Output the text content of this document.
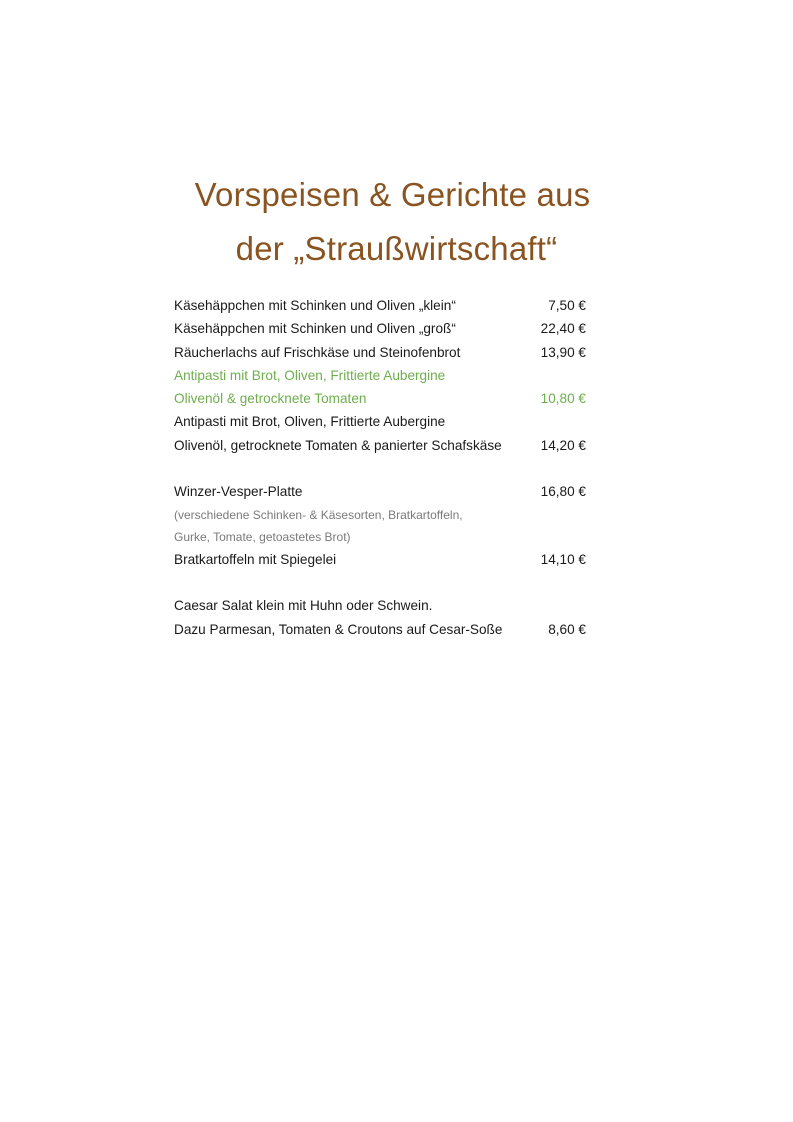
Vorspeisen & Gerichte aus
der „Straußwirtschaft“
Käsehäppchen mit Schinken und Oliven „klein“	7,50 €
Käsehäppchen mit Schinken und Oliven „groß“	22,40 €
Räucherlachs auf Frischkäse und Steinofenbrot	13,90 €
Antipasti mit Brot, Oliven, Frittierte Aubergine
Olivenöl & getrocknete Tomaten	10,80 €
Antipasti mit Brot, Oliven, Frittierte Aubergine
Olivenöl, getrocknete Tomaten & panierter Schafskäse	14,20 €
Winzer-Vesper-Platte	16,80 €
(verschiedene Schinken- & Käsesorten, Bratkartoffeln,
Gurke, Tomate, getoastetes Brot)
Bratkartoffeln mit Spiegelei	14,10 €
Caesar Salat klein mit Huhn oder Schwein.
Dazu Parmesan, Tomaten & Croutons auf Cesar-Soße	8,60 €
